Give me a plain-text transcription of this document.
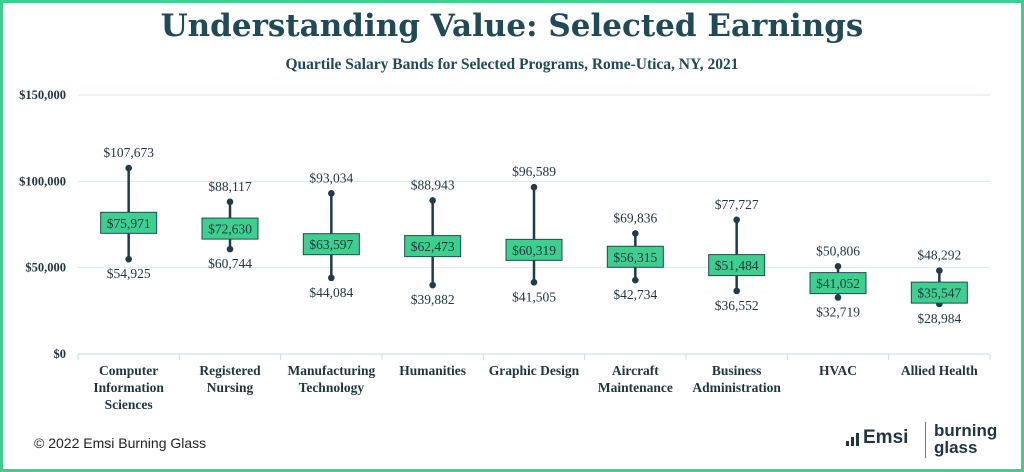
Understanding Value: Selected Earnings
Quartile Salary Bands for Selected Programs, Rome-Utica, NY, 2021
$0
$50,000
$100,000
$150,000
Computer
Information
Sciences
Registered
Nursing
Manufacturing
Technology
Humanities Graphic Design Aircraft
Maintenance
Business
Administration
HVAC	Allied Health
$75,971
$107,673
$54,925
$72,630
$88,117
$60,744
$63,597
$93,034
$44,084
$62,473
$88,943
$39,882
$60,319
$96,589
$41,505
$56,315
$69,836
$42,734
$51,484
$77,727
$36,552
$41,052
$50,806
$32,719
$35,547
$48,292
$28,984
© 2022 Emsi Burning Glass	Emsi burning
glass
